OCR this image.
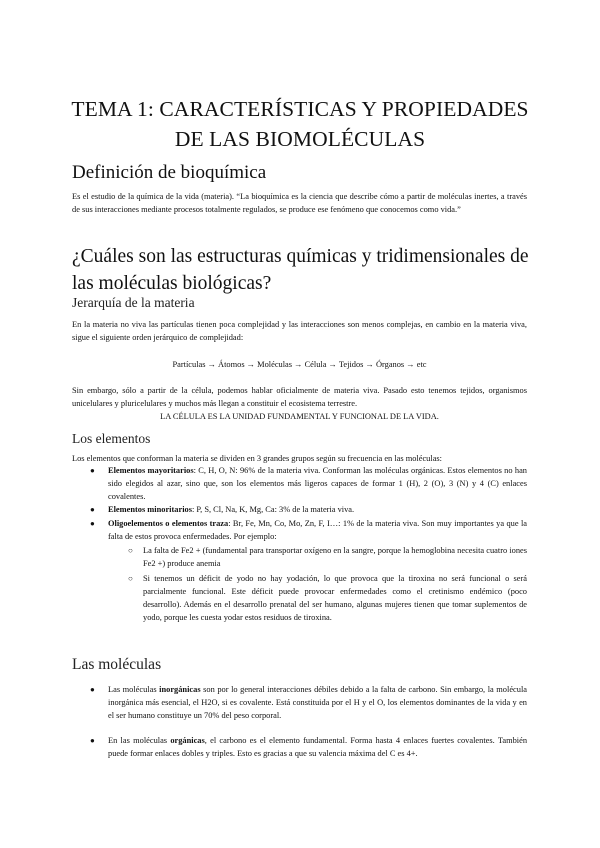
TEMA 1: CARACTERÍSTICAS Y PROPIEDADES DE LAS BIOMOLÉCULAS
Definición de bioquímica

Es el estudio de la química de la vida (materia). “La bioquímica es la ciencia que describe cómo a partir de moléculas inertes, a través de sus interacciones mediante procesos totalmente regulados, se produce ese fenómeno que conocemos como vida.”

¿Cuáles son las estructuras químicas y tridimensionales de las moléculas biológicas?
Jerarquía de la materia

En la materia no viva las partículas tienen poca complejidad y las interacciones son menos complejas, en cambio en la materia viva, sigue el siguiente orden jerárquico de complejidad:

Partículas → Átomos → Moléculas → Célula → Tejidos → Órganos → etc

Sin embargo, sólo a partir de la célula, podemos hablar oficialmente de materia viva. Pasado esto tenemos tejidos, organismos unicelulares y pluricelulares y muchos más llegan a constituir el ecosistema terrestre.

LA CÉLULA ES LA UNIDAD FUNDAMENTAL Y FUNCIONAL DE LA VIDA.

Los elementos

Los elementos que conforman la materia se dividen en 3 grandes grupos según su frecuencia en las moléculas:

●	Elementos mayoritarios: C, H, O, N: 96% de la materia viva. Conforman las moléculas orgánicas. Estos elementos no han sido elegidos al azar, sino que, son los elementos más ligeros capaces de formar 1 (H), 2 (O), 3 (N) y 4 (C) enlaces covalentes.

●	Elementos minoritarios: P, S, Cl, Na, K, Mg, Ca: 3% de la materia viva.

●	Oligoelementos o elementos traza: Br, Fe, Mn, Co, Mo, Zn, F, I…: 1% de la materia viva. Son muy importantes ya que la falta de estos provoca enfermedades. Por ejemplo:

○	La falta de Fe2 + (fundamental para transportar oxígeno en la sangre, porque la hemoglobina necesita cuatro iones Fe2 +) produce anemia

○	Si tenemos un déficit de yodo no hay yodación, lo que provoca que la tiroxina no será funcional o será parcialmente funcional. Este déficit puede provocar enfermedades como el cretinismo endémico (poco desarrollo). Además en el desarrollo prenatal del ser humano, algunas mujeres tienen que tomar suplementos de yodo, porque les cuesta yodar estos residuos de tiroxina.

Las moléculas
●	Las moléculas inorgánicas son por lo general interacciones débiles debido a la falta de carbono. Sin embargo, la molécula inorgánica más esencial, el H2O, si es covalente. Está constituida por el H y el O, los elementos dominantes de la vida y en el ser humano constituye un 70% del peso corporal.

●	En las moléculas orgánicas, el carbono es el elemento fundamental. Forma hasta 4 enlaces fuertes covalentes. También puede formar enlaces dobles y triples. Esto es gracias a que su valencia máxima del C es 4+.
